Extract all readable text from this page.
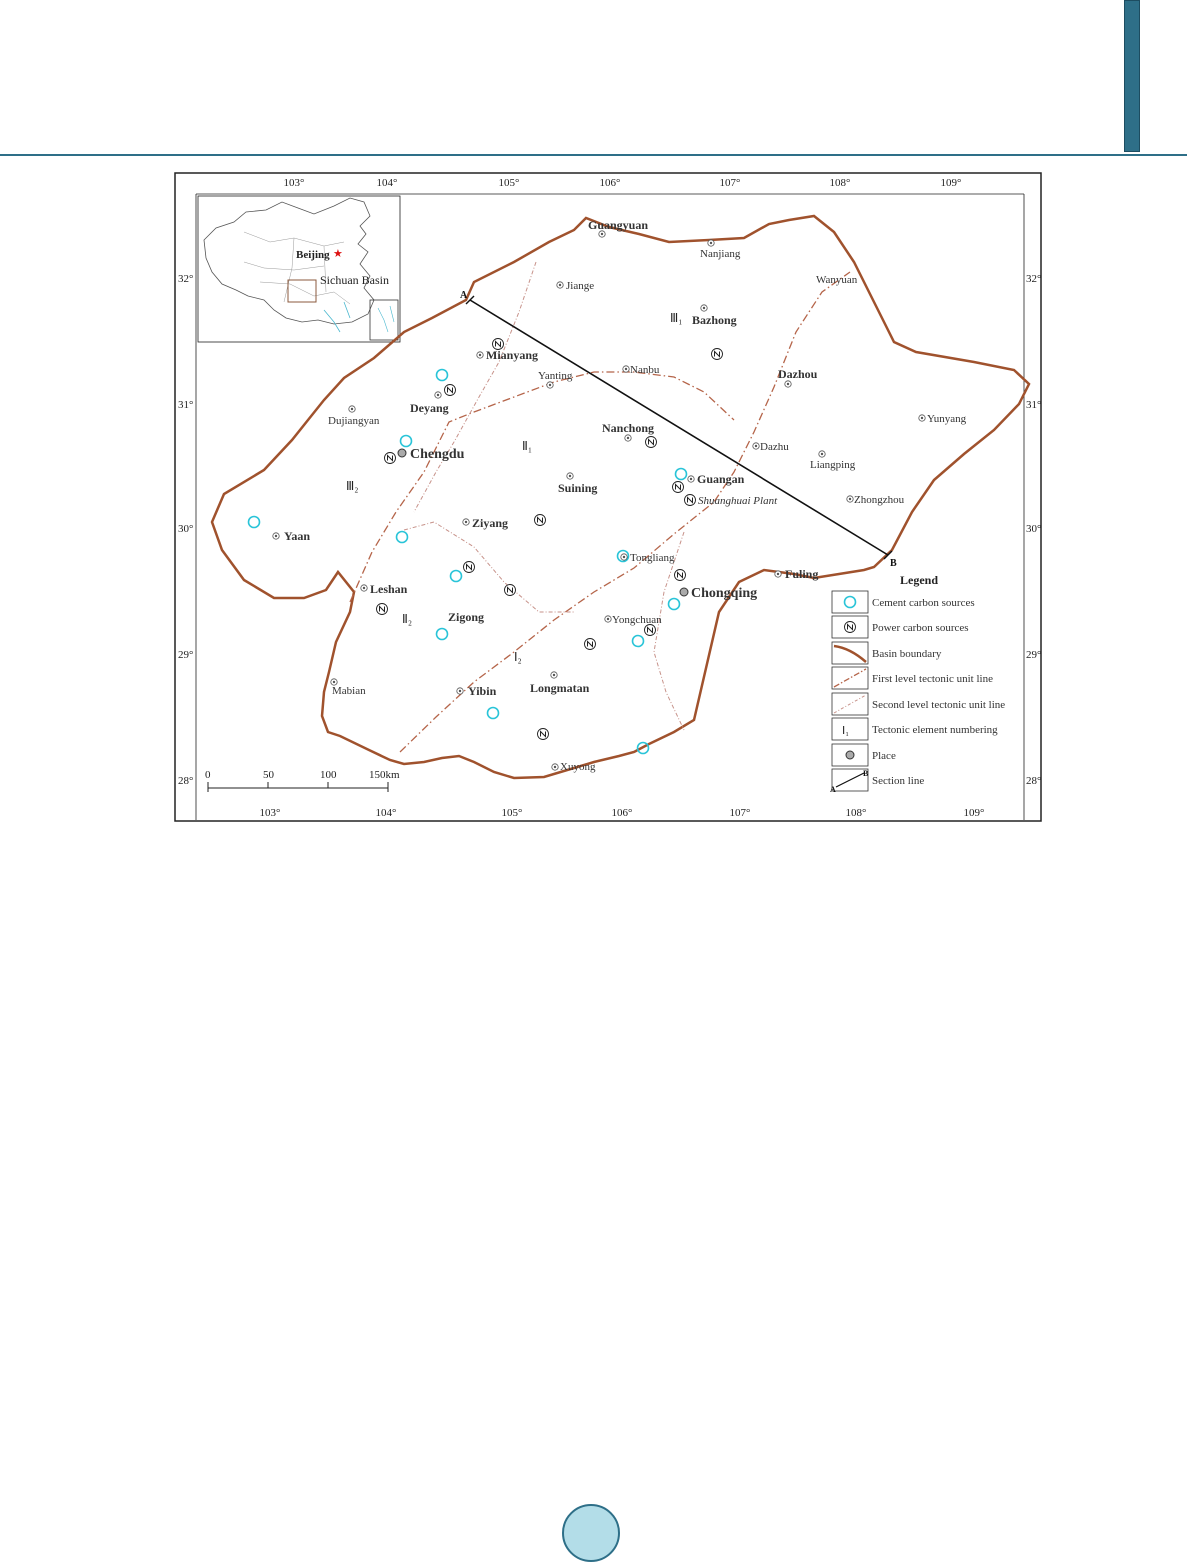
103°	104°	105°	106°	107°	108°	109°
103°	104°	105°	106°	107°	108°	109°
32°
31°
30°
29°
28°
32°
31°
30°
29°
28°
Beijing ★
Sichuan Basin
A
B
Chengdu
Chongqing
Guangyuan
Bazhong
Mianyang
Dazhou
Deyang
Nanchong
Suining
Guangan
Ziyang
Yaan
Leshan
Zigong
Fuling
Yibin	Longmatan
Nanjiang
Wanyuan
Jiange
Yanting	Nanbu
Dujiangyan
Dazhu
Liangping
Yunyang
Zhongzhou
Tongliang
Yongchuan
Mabian
Xuyong
Shuanghuai Plant
Ⅲ₁
Ⅱ₁
Ⅲ₂
Ⅱ₂
Ⅰ₂
0	50	100	150km
Legend
Cement carbon sources
Power carbon sources
Basin boundary
First level tectonic unit line
Second level tectonic unit line
Ⅰ₁ Tectonic element numbering
Place
A
B
Section line
